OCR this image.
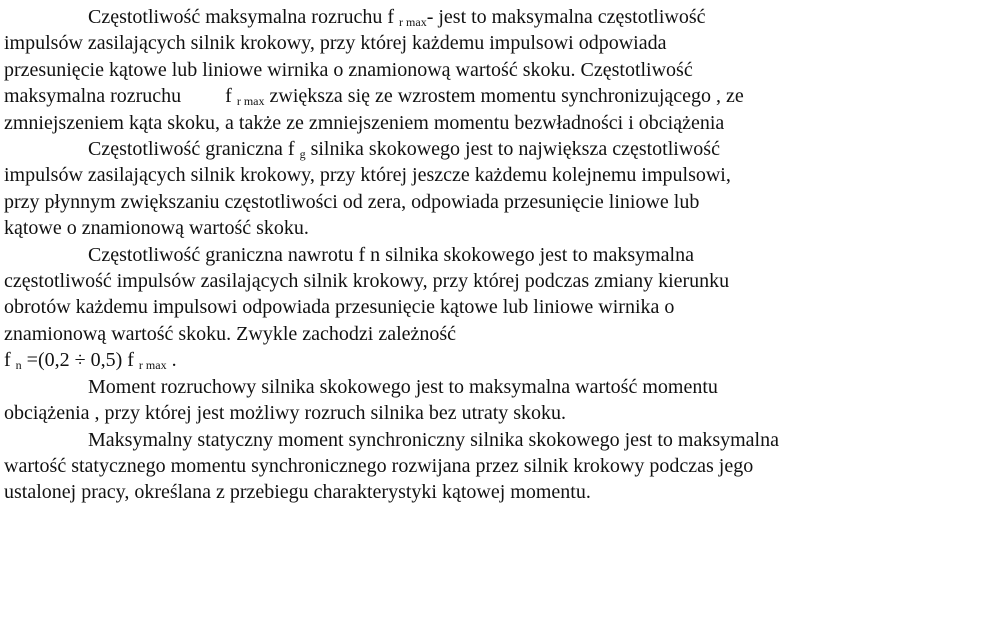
Częstotliwość maksymalna rozruchu f $_{r max}$- jest to maksymalna częstotliwość
impulsów zasilających silnik krokowy, przy której każdemu impulsowi odpowiada
przesunięcie kątowe lub liniowe wirnika o znamionową wartość skoku. Częstotliwość
maksymalna rozruchu f $_{r max}$ zwiększa się ze wzrostem momentu synchronizującego , ze
zmniejszeniem kąta skoku, a także ze zmniejszeniem momentu bezwładności i obciążenia

Częstotliwość graniczna f $_g$ silnika skokowego jest to największa częstotliwość
impulsów zasilających silnik krokowy, przy której jeszcze każdemu kolejnemu impulsowi,
przy płynnym zwiększaniu częstotliwości od zera, odpowiada przesunięcie liniowe lub
kątowe o znamionową wartość skoku.

Częstotliwość graniczna nawrotu f n silnika skokowego jest to maksymalna
częstotliwość impulsów zasilających silnik krokowy, przy której podczas zmiany kierunku
obrotów każdemu impulsowi odpowiada przesunięcie kątowe lub liniowe wirnika o
znamionową wartość skoku. Zwykle zachodzi zależność

f $_n$ =(0,2 ÷ 0,5) f $_{r max}$ .

Moment rozruchowy silnika skokowego jest to maksymalna wartość momentu
obciążenia , przy której jest możliwy rozruch silnika bez utraty skoku.

Maksymalny statyczny moment synchroniczny silnika skokowego jest to maksymalna
wartość statycznego momentu synchronicznego rozwijana przez silnik krokowy podczas jego
ustalonej pracy, określana z przebiegu charakterystyki kątowej momentu.
